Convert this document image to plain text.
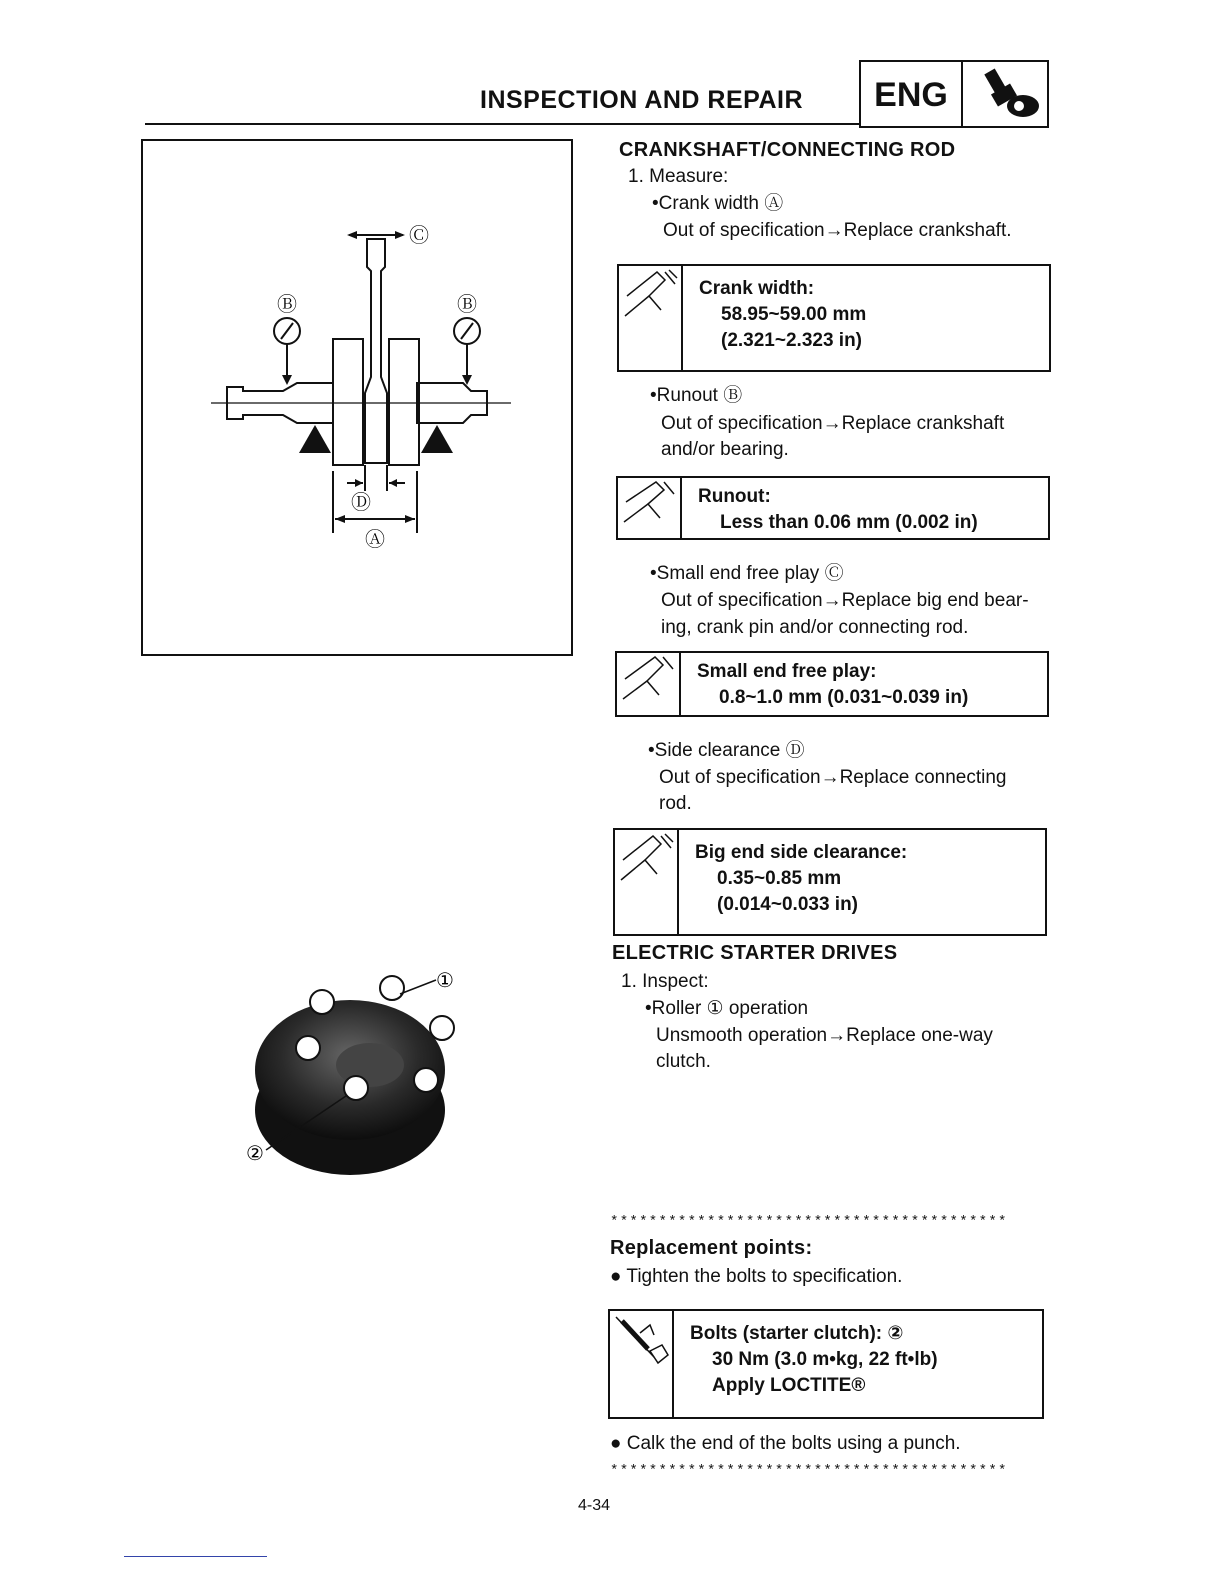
INSPECTION AND REPAIR	ENG
Ⓒ
Ⓑ	Ⓑ
Ⓓ
Ⓐ
①
②
CRANKSHAFT/CONNECTING ROD
1. Measure:
•Crank width Ⓐ
Out of specification→Replace crankshaft.
Crank width:
58.95~59.00 mm
(2.321~2.323 in)
•Runout Ⓑ
Out of specification→Replace crankshaft
and/or bearing.
Runout:
Less than 0.06 mm (0.002 in)
•Small end free play Ⓒ
Out of specification→Replace big end bear-
ing, crank pin and/or connecting rod.
Small end free play:
0.8~1.0 mm (0.031~0.039 in)
•Side clearance Ⓓ
Out of specification→Replace connecting
rod.
Big end side clearance:
0.35~0.85 mm
(0.014~0.033 in)
ELECTRIC STARTER DRIVES
1. Inspect:
•Roller ① operation
Unsmooth operation→Replace one-way
clutch.
*****************************************
Replacement points:
● Tighten the bolts to specification.
Bolts (starter clutch): ②
30 Nm (3.0 m•kg, 22 ft•lb)
Apply LOCTITE®
● Calk the end of the bolts using a punch.
*****************************************
4-34
